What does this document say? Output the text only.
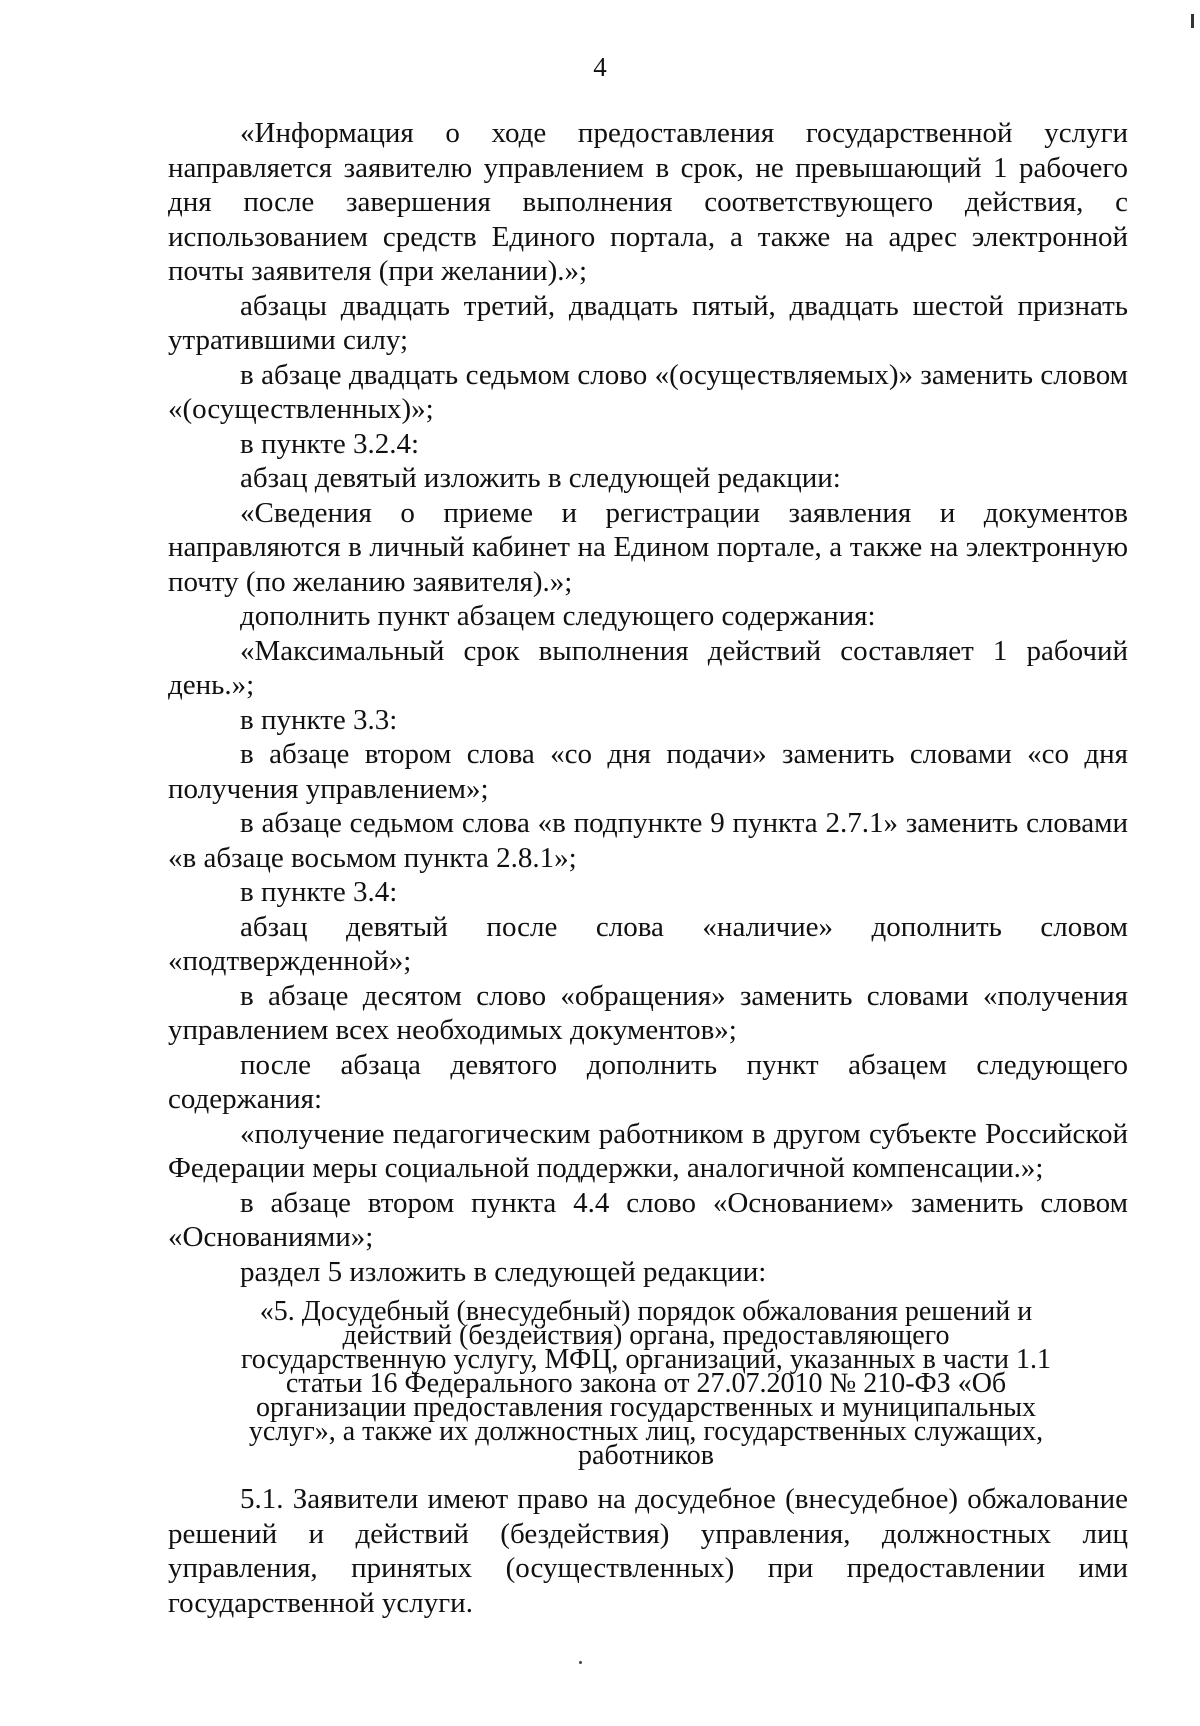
4

«Информация о ходе предоставления государственной услуги направляется заявителю управлением в срок, не превышающий 1 рабочего дня после завершения выполнения соответствующего действия, с использованием средств Единого портала, а также на адрес электронной почты заявителя (при желании).»;

абзацы двадцать третий, двадцать пятый, двадцать шестой признать утратившими силу;

в абзаце двадцать седьмом слово «(осуществляемых)» заменить словом «(осуществленных)»;

в пункте 3.2.4:

абзац девятый изложить в следующей редакции:

«Сведения о приеме и регистрации заявления и документов направляются в личный кабинет на Едином портале, а также на электронную почту (по желанию заявителя).»;

дополнить пункт абзацем следующего содержания:

«Максимальный срок выполнения действий составляет 1 рабочий день.»;

в пункте 3.3:

в абзаце втором слова «со дня подачи» заменить словами «со дня получения управлением»;

в абзаце седьмом слова «в подпункте 9 пункта 2.7.1» заменить словами «в абзаце восьмом пункта 2.8.1»;

в пункте 3.4:

абзац девятый после слова «наличие» дополнить словом «подтвержденной»;

в абзаце десятом слово «обращения» заменить словами «получения управлением всех необходимых документов»;

после абзаца девятого дополнить пункт абзацем следующего содержания:

«получение педагогическим работником в другом субъекте Российской Федерации меры социальной поддержки, аналогичной компенсации.»;

в абзаце втором пункта 4.4 слово «Основанием» заменить словом «Основаниями»;

раздел 5 изложить в следующей редакции:

«5. Досудебный (внесудебный) порядок обжалования решений и действий (бездействия) органа, предоставляющего государственную услугу, МФЦ, организаций, указанных в части 1.1 статьи 16 Федерального закона от 27.07.2010 № 210-ФЗ «Об организации предоставления государственных и муниципальных услуг», а также их должностных лиц, государственных служащих, работников

5.1. Заявители имеют право на досудебное (внесудебное) обжалование решений и действий (бездействия) управления, должностных лиц управления, принятых (осуществленных) при предоставлении ими государственной услуги.
